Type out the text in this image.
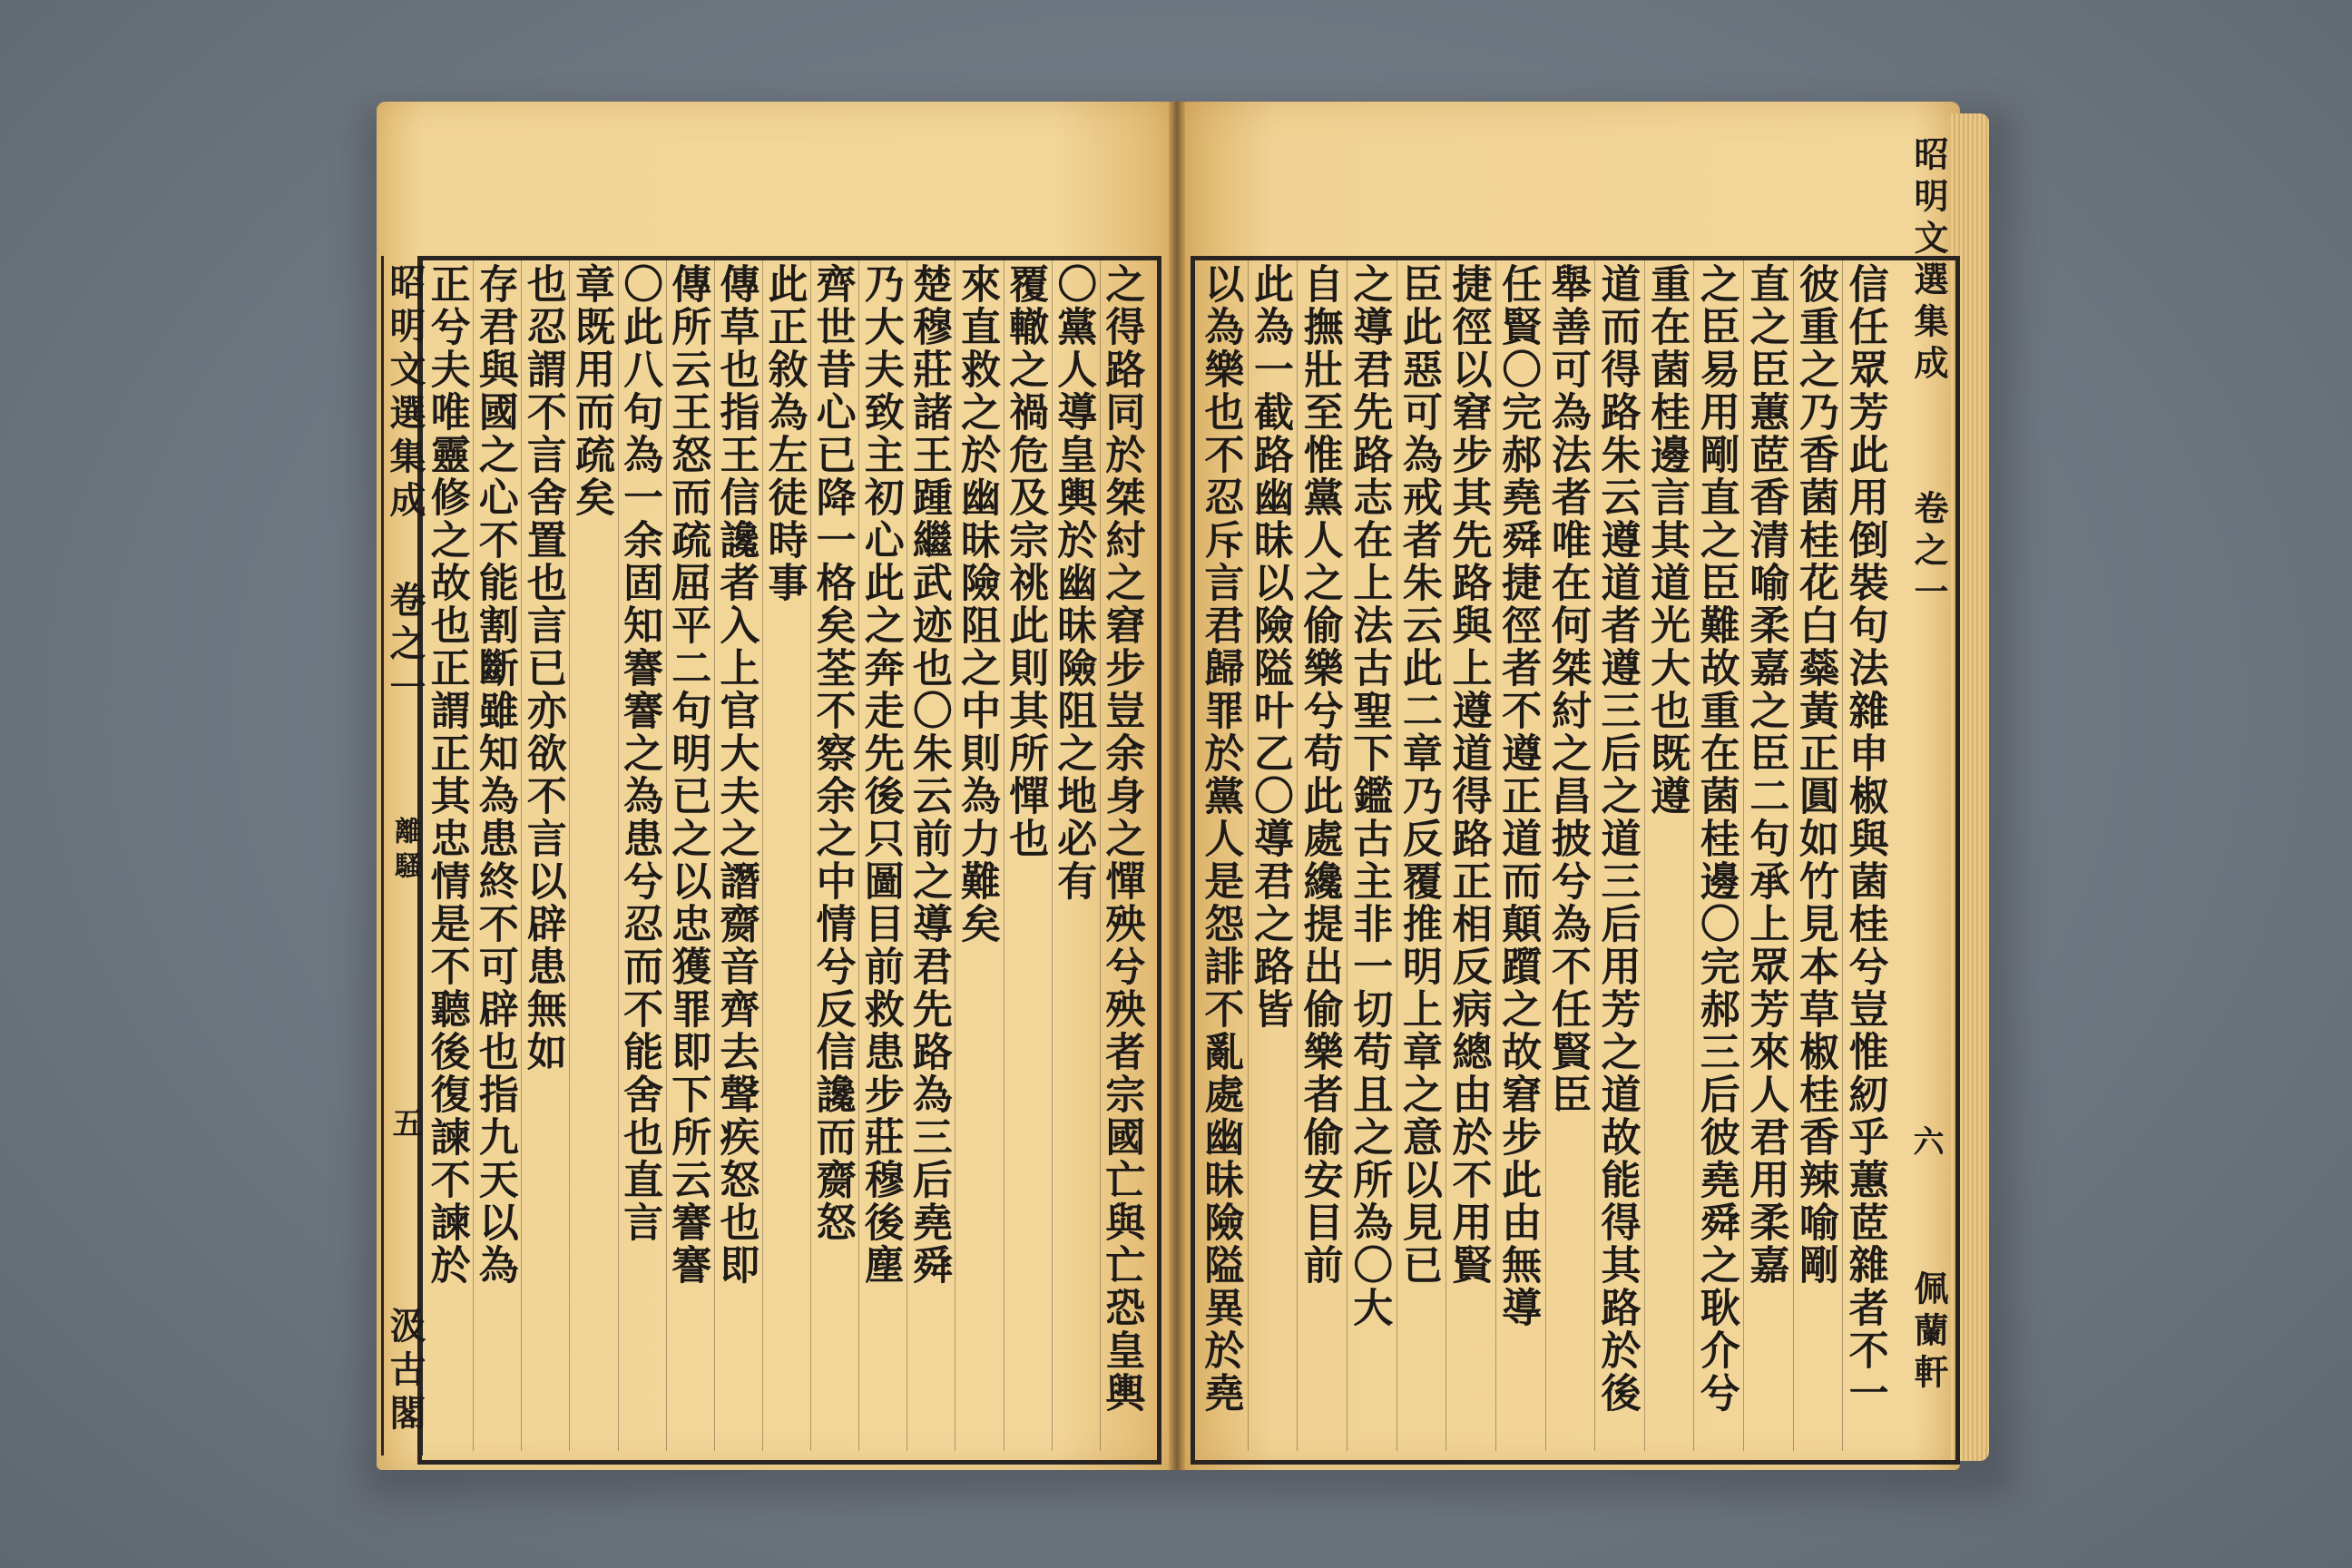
昭明文選集成
卷之一
離騷
五
汲古閣
昭明文選集成
卷之一
六
佩蘭軒
之得路同於桀紂之窘步豈余身之憚殃兮殃者宗國亡與亡恐皇輿
〇黨人導皇輿於幽昧險阻之地必有
覆轍之禍危及宗祧此則其所憚也
來直救之於幽昧險阻之中則為力難矣
楚穆莊諸王踵繼武迹也〇朱云前之導君先路為三后堯舜
乃大夫致主初心此之奔走先後只圖目前救患步莊穆後塵
齊世昔心已降一格矣荃不察余之中情兮反信讒而齌怒
此正敘為左徒時事
傳草也指王信讒者入上官大夫之譖齌音齊去聲疾怒也即
傳所云王怒而疏屈平二句明已之以忠獲罪即下所云謇謇
〇此八句為一余固知謇謇之為患兮忍而不能舍也直言
章既用而疏矣
也忍謂不言舍置也言已亦欲不言以辟患無如
存君與國之心不能割斷雖知為患終不可辟也指九天以為
正兮夫唯靈修之故也正謂正其忠情是不聽後復諫不諫於	信任眾芳此用倒裝句法雜申椒與菌桂兮豈惟紉乎蕙茝雜者不一
彼重之乃香菌桂花白蘂黃正圓如竹見本草椒桂香辣喻剛
直之臣蕙茝香清喻柔嘉之臣二句承上眾芳來人君用柔嘉
之臣易用剛直之臣難故重在菌桂邊〇完郝三后彼堯舜之耿介兮
重在菌桂邊言其道光大也既遵
道而得路朱云遵道者遵三后之道三后用芳之道故能得其路於後
舉善可為法者唯在何桀紂之昌披兮為不任賢臣
任賢〇完郝堯舜捷徑者不遵正道而顛躓之故窘步此由無導
捷徑以窘步其先路與上遵道得路正相反病總由於不用賢
臣此惡可為戒者朱云此二章乃反覆推明上章之意以見已
之導君先路志在上法古聖下鑑古主非一切苟且之所為〇大
自撫壯至惟黨人之偷樂兮苟此處纔提出偷樂者偷安目前
此為一截路幽昧以險隘叶乙〇導君之路皆
以為樂也不忍斥言君歸罪於黨人是怨誹不亂處幽昧險隘異於堯
